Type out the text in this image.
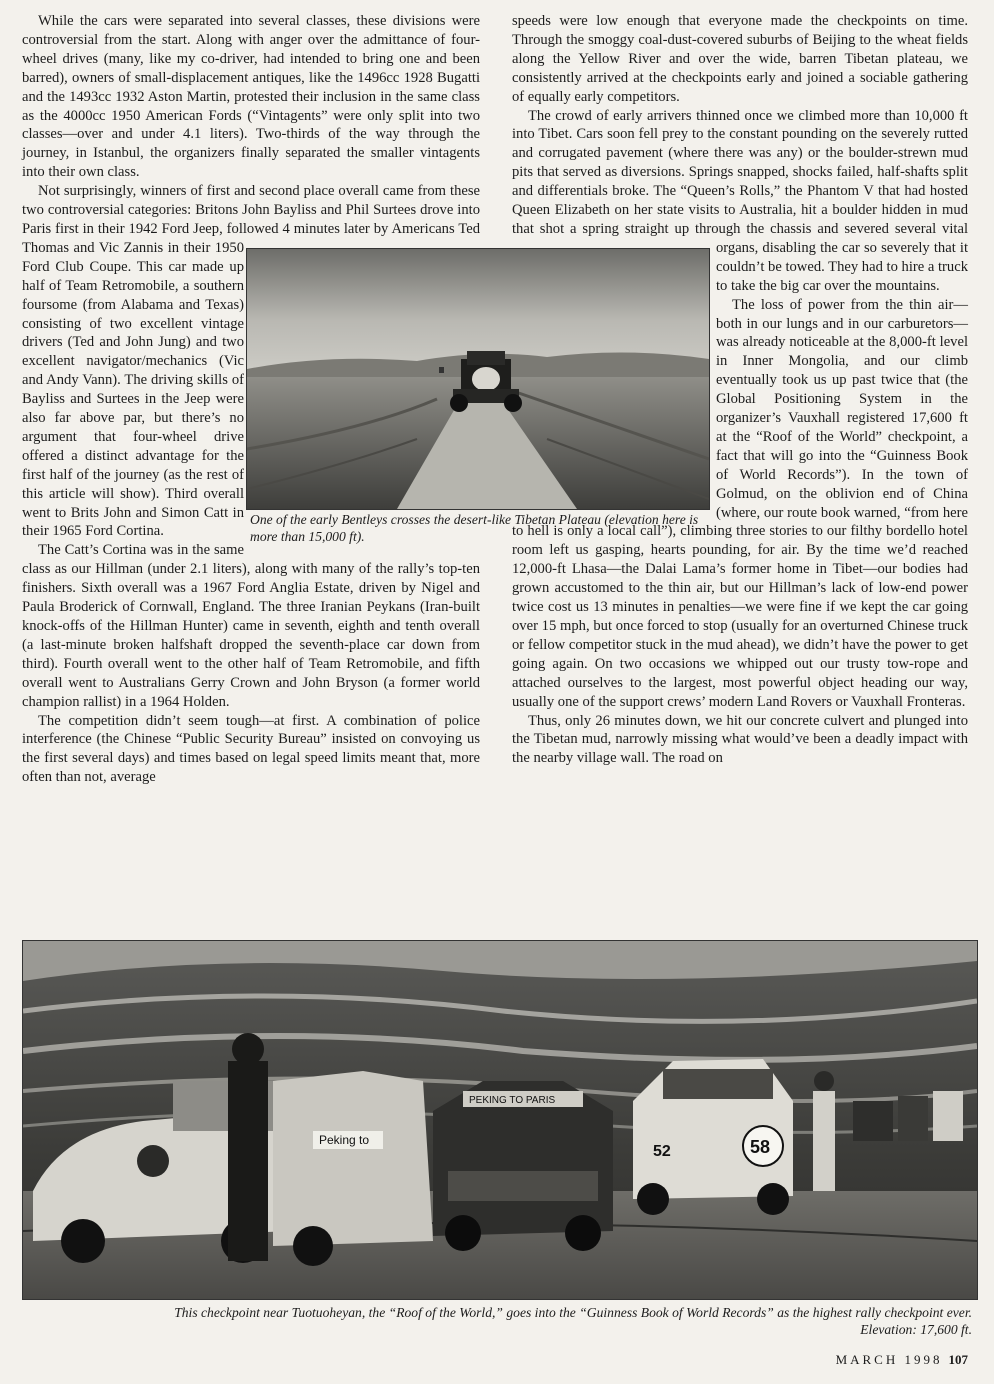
While the cars were separated into several classes, these divisions were controversial from the start. Along with anger over the admittance of four-wheel drives (many, like my co-driver, had intended to bring one and been barred), owners of small-displacement antiques, like the 1496cc 1928 Bugatti and the 1493cc 1932 Aston Martin, protested their inclusion in the same class as the 4000cc 1950 American Fords (“Vintagents” were only split into two classes—over and under 4.1 liters). Two-thirds of the way through the journey, in Istanbul, the organizers finally separated the smaller vintagents into their own class.

Not surprisingly, winners of first and second place overall came from these two controversial categories: Britons John Bayliss and Phil Surtees drove into Paris first in their 1942 Ford Jeep, followed 4 minutes later by Americans Ted Thomas and Vic Zannis in their 1950 Ford Club Coupe. This car made up half of Team Retromobile, a southern foursome (from Alabama and Texas) consisting of two excellent vintage drivers (Ted and John Jung) and two excellent navigator/mechanics (Vic and Andy Vann). The driving skills of Bayliss and Surtees in the Jeep were also far above par, but there’s no argument that four-wheel drive offered a distinct advantage for the first half of the journey (as the rest of this article will show). Third overall went to Brits John and Simon Catt in their 1965 Ford Cortina.

The Catt’s Cortina was in the same class as our Hillman (under 2.1 liters), along with many of the rally’s top-ten finishers. Sixth overall was a 1967 Ford Anglia Estate, driven by Nigel and Paula Broderick of Cornwall, England. The three Iranian Peykans (Iran-built knock-offs of the Hillman Hunter) came in seventh, eighth and tenth overall (a last-minute broken halfshaft dropped the seventh-place car down from third). Fourth overall went to the other half of Team Retromobile, and fifth overall went to Australians Gerry Crown and John Bryson (a former world champion rallist) in a 1964 Holden.

The competition didn’t seem tough—at first. A combination of police interference (the Chinese “Public Security Bureau” insisted on convoying us the first several days) and times based on legal speed limits meant that, more often than not, average

speeds were low enough that everyone made the checkpoints on time. Through the smoggy coal-dust-covered suburbs of Beijing to the wheat fields along the Yellow River and over the wide, barren Tibetan plateau, we consistently arrived at the checkpoints early and joined a sociable gathering of equally early competitors.

The crowd of early arrivers thinned once we climbed more than 10,000 ft into Tibet. Cars soon fell prey to the constant pounding on the severely rutted and corrugated pavement (where there was any) or the boulder-strewn mud pits that served as diversions. Springs snapped, shocks failed, half-shafts split and differentials broke. The “Queen’s Rolls,” the Phantom V that had hosted Queen Elizabeth on her state visits to Australia, hit a boulder hidden in mud that shot a spring straight up through the chassis and severed several vital organs, disabling the car so severely that it couldn’t be towed. They had to hire a truck to take the big car over the mountains.

The loss of power from the thin air—both in our lungs and in our carburetors—was already noticeable at the 8,000-ft level in Inner Mongolia, and our climb eventually took us up past twice that (the Global Positioning System in the organizer’s Vauxhall registered 17,600 ft at the “Roof of the World” checkpoint, a fact that will go into the “Guinness Book of World Records”). In the town of Golmud, on the oblivion end of China (where, our route book warned, “from here to hell is only a local call”), climbing three stories to our filthy bordello hotel room left us gasping, hearts pounding, for air. By the time we’d reached 12,000-ft Lhasa—the Dalai Lama’s former home in Tibet—our bodies had grown accustomed to the thin air, but our Hillman’s lack of low-end power twice cost us 13 minutes in penalties—we were fine if we kept the car going over 15 mph, but once forced to stop (usually for an overturned Chinese truck or fellow competitor stuck in the mud ahead), we didn’t have the power to get going again. On two occasions we whipped out our trusty tow-rope and attached ourselves to the largest, most powerful object heading our way, usually one of the support crews’ modern Land Rovers or Vauxhall Fronteras.

Thus, only 26 minutes down, we hit our concrete culvert and plunged into the Tibetan mud, narrowly missing what would’ve been a deadly impact with the nearby village wall. The road on

One of the early Bentleys crosses the desert-like Tibetan Plateau (elevation here is more than 15,000 ft).
Peking to
PEKING TO PARIS
58
52
This checkpoint near Tuotuoheyan, the “Roof of the World,” goes into the “Guinness Book of World Records” as the highest rally checkpoint ever.
Elevation: 17,600 ft.
MARCH 1998 107
